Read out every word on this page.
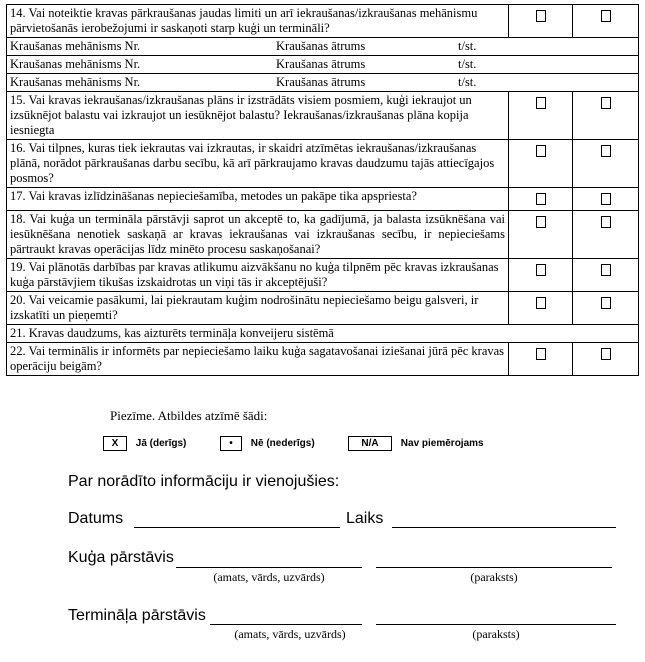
14. Vai noteiktie kravas pārkraušanas jaudas limiti un arī iekraušanas/izkraušanas mehānismu pārvietošanās ierobežojumi ir saskaņoti starp kuģi un termināli?		

Kraušanas mehānisms Nr. Kraušanas ātrums t/st.		

Kraušanas mehānisms Nr. Kraušanas ātrums t/st.		

Kraušanas mehānisms Nr. Kraušanas ātrums t/st.		

15. Vai kravas iekraušanas/izkraušanas plāns ir izstrādāts visiem posmiem, kuģi iekraujot un izsūknējot balastu vai izkraujot un iesūknējot balastu? Iekraušanas/izkraušanas plāna kopija iesniegta		
16. Vai tilpnes, kuras tiek iekrautas vai izkrautas, ir skaidri atzīmētas iekraušanas/izkraušanas plānā, norādot pārkraušanas darbu secību, kā arī pārkraujamo kravas daudzumu tajās attiecīgajos posmos?		
17. Vai kravas izlīdzināšanas nepieciešamība, metodes un pakāpe tika apspriesta?		
18. Vai kuģa un termināla pārstāvji saprot un akceptē to, ka gadījumā, ja balasta izsūknēšana vai iesūknēšana nenotiek saskaņā ar kravas iekraušanas vai izkraušanas secību, ir nepieciešams pārtraukt kravas operācijas līdz minēto procesu saskaņošanai?		
19. Vai plānotās darbības par kravas atlikumu aizvākšanu no kuģa tilpnēm pēc kravas izkraušanas kuģa pārstāvjiem tikušas izskaidrotas un viņi tās ir akceptējuši?		
20. Vai veicamie pasākumi, lai piekrautam kuģim nodrošinātu nepieciešamo beigu galsveri, ir izskatīti un pieņemti?		
21. Kravas daudzums, kas aizturēts termināļa konveijeru sistēmā		
22. Vai terminālis ir informēts par nepieciešamo laiku kuģa sagatavošanai iziešanai jūrā pēc kravas operāciju beigām?		
Piezīme. Atbildes atzīmē šādi:
X Jā (derīgs)	• Nē (nederīgs)	N/A Nav piemērojams
Par norādīto informāciju ir vienojušies:
Datums	Laiks
Kuģa pārstāvis
(amats, vārds, uzvārds)	(paraksts)
Termināļa pārstāvis
(amats, vārds, uzvārds)	(paraksts)
